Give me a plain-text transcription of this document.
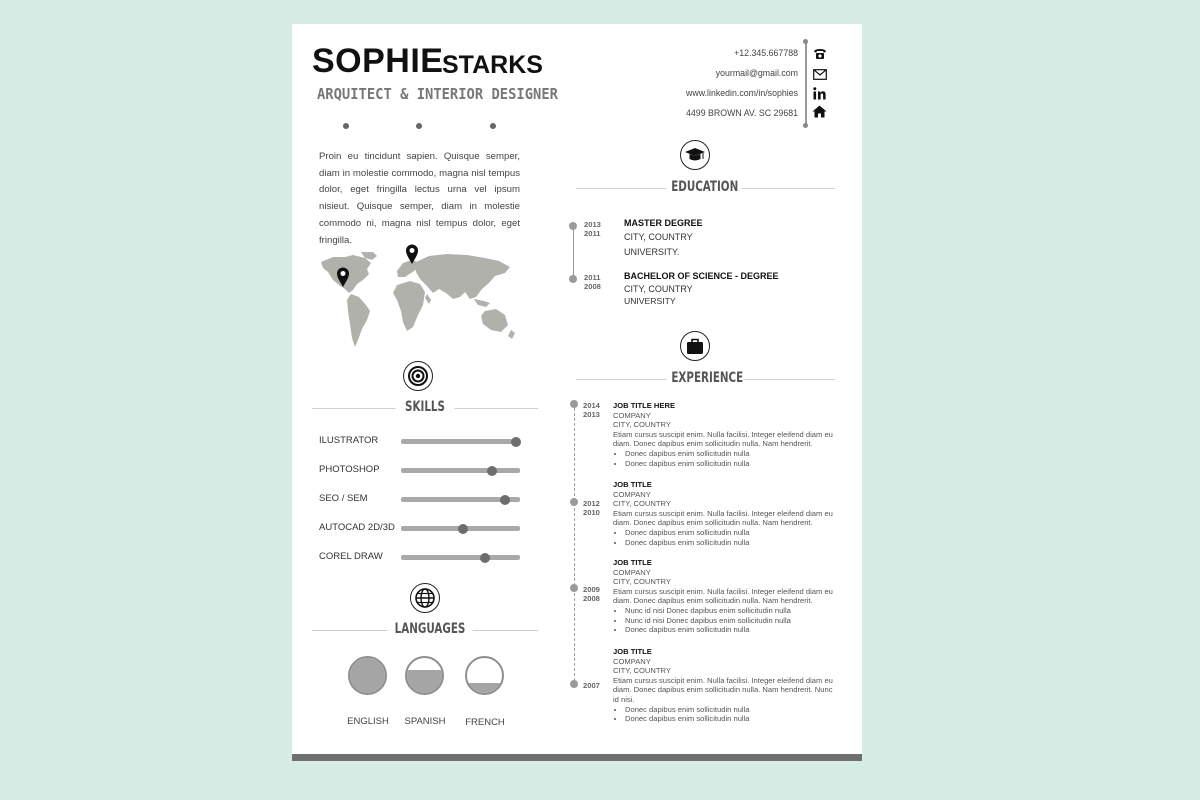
SOPHIE
STARKS
ARQUITECT & INTERIOR DESIGNER
+12.345.667788
yourmail@gmail.com
www.linkedin.com/in/sophies
4499 BROWN AV. SC 29681
Proin eu tincidunt sapien. Quisque semper, diam in molestie commodo, magna nisl tempus dolor, eget fringilla lectus urna vel ipsum nisieut. Quisque semper, diam in molestie commodo ni, magna nisl tempus dolor, eget fringilla.
SKILLS
ILUSTRATOR
PHOTOSHOP
SEO / SEM
AUTOCAD 2D/3D
COREL DRAW
LANGUAGES
ENGLISH	SPANISH	FRENCH
EDUCATION
2013
2011
MASTER DEGREE
CITY, COUNTRY
UNIVERSITY.
2011
2008
BACHELOR OF SCIENCE - DEGREE
CITY, COUNTRY
UNIVERSITY
EXPERIENCE
2014
2013
JOB TITLE HERE
COMPANY
CITY, COUNTRY
Etiam cursus suscipit enim. Nulla facilisi. Integer eleifend diam eu diam. Donec dapibus enim sollicitudin nulla. Nam hendrerit.
• Donec dapibus enim sollicitudin nulla
• Donec dapibus enim sollicitudin nulla
2012
2010
JOB TITLE
COMPANY
CITY, COUNTRY
Etiam cursus suscipit enim. Nulla facilisi. Integer eleifend diam eu diam. Donec dapibus enim sollicitudin nulla. Nam hendrerit.
• Donec dapibus enim sollicitudin nulla
• Donec dapibus enim sollicitudin nulla
2009
2008
JOB TITLE
COMPANY
CITY, COUNTRY
Etiam cursus suscipit enim. Nulla facilisi. Integer eleifend diam eu diam. Donec dapibus enim sollicitudin nulla. Nam hendrerit.
• Nunc id nisi Donec dapibus enim sollicitudin nulla
• Nunc id nisi Donec dapibus enim sollicitudin nulla
• Donec dapibus enim sollicitudin nulla
2007
JOB TITLE
COMPANY
CITY, COUNTRY
Etiam cursus suscipit enim. Nulla facilisi. Integer eleifend diam eu diam. Donec dapibus enim sollicitudin nulla. Nam hendrerit. Nunc id nisi.
• Donec dapibus enim sollicitudin nulla
• Donec dapibus enim sollicitudin nulla
